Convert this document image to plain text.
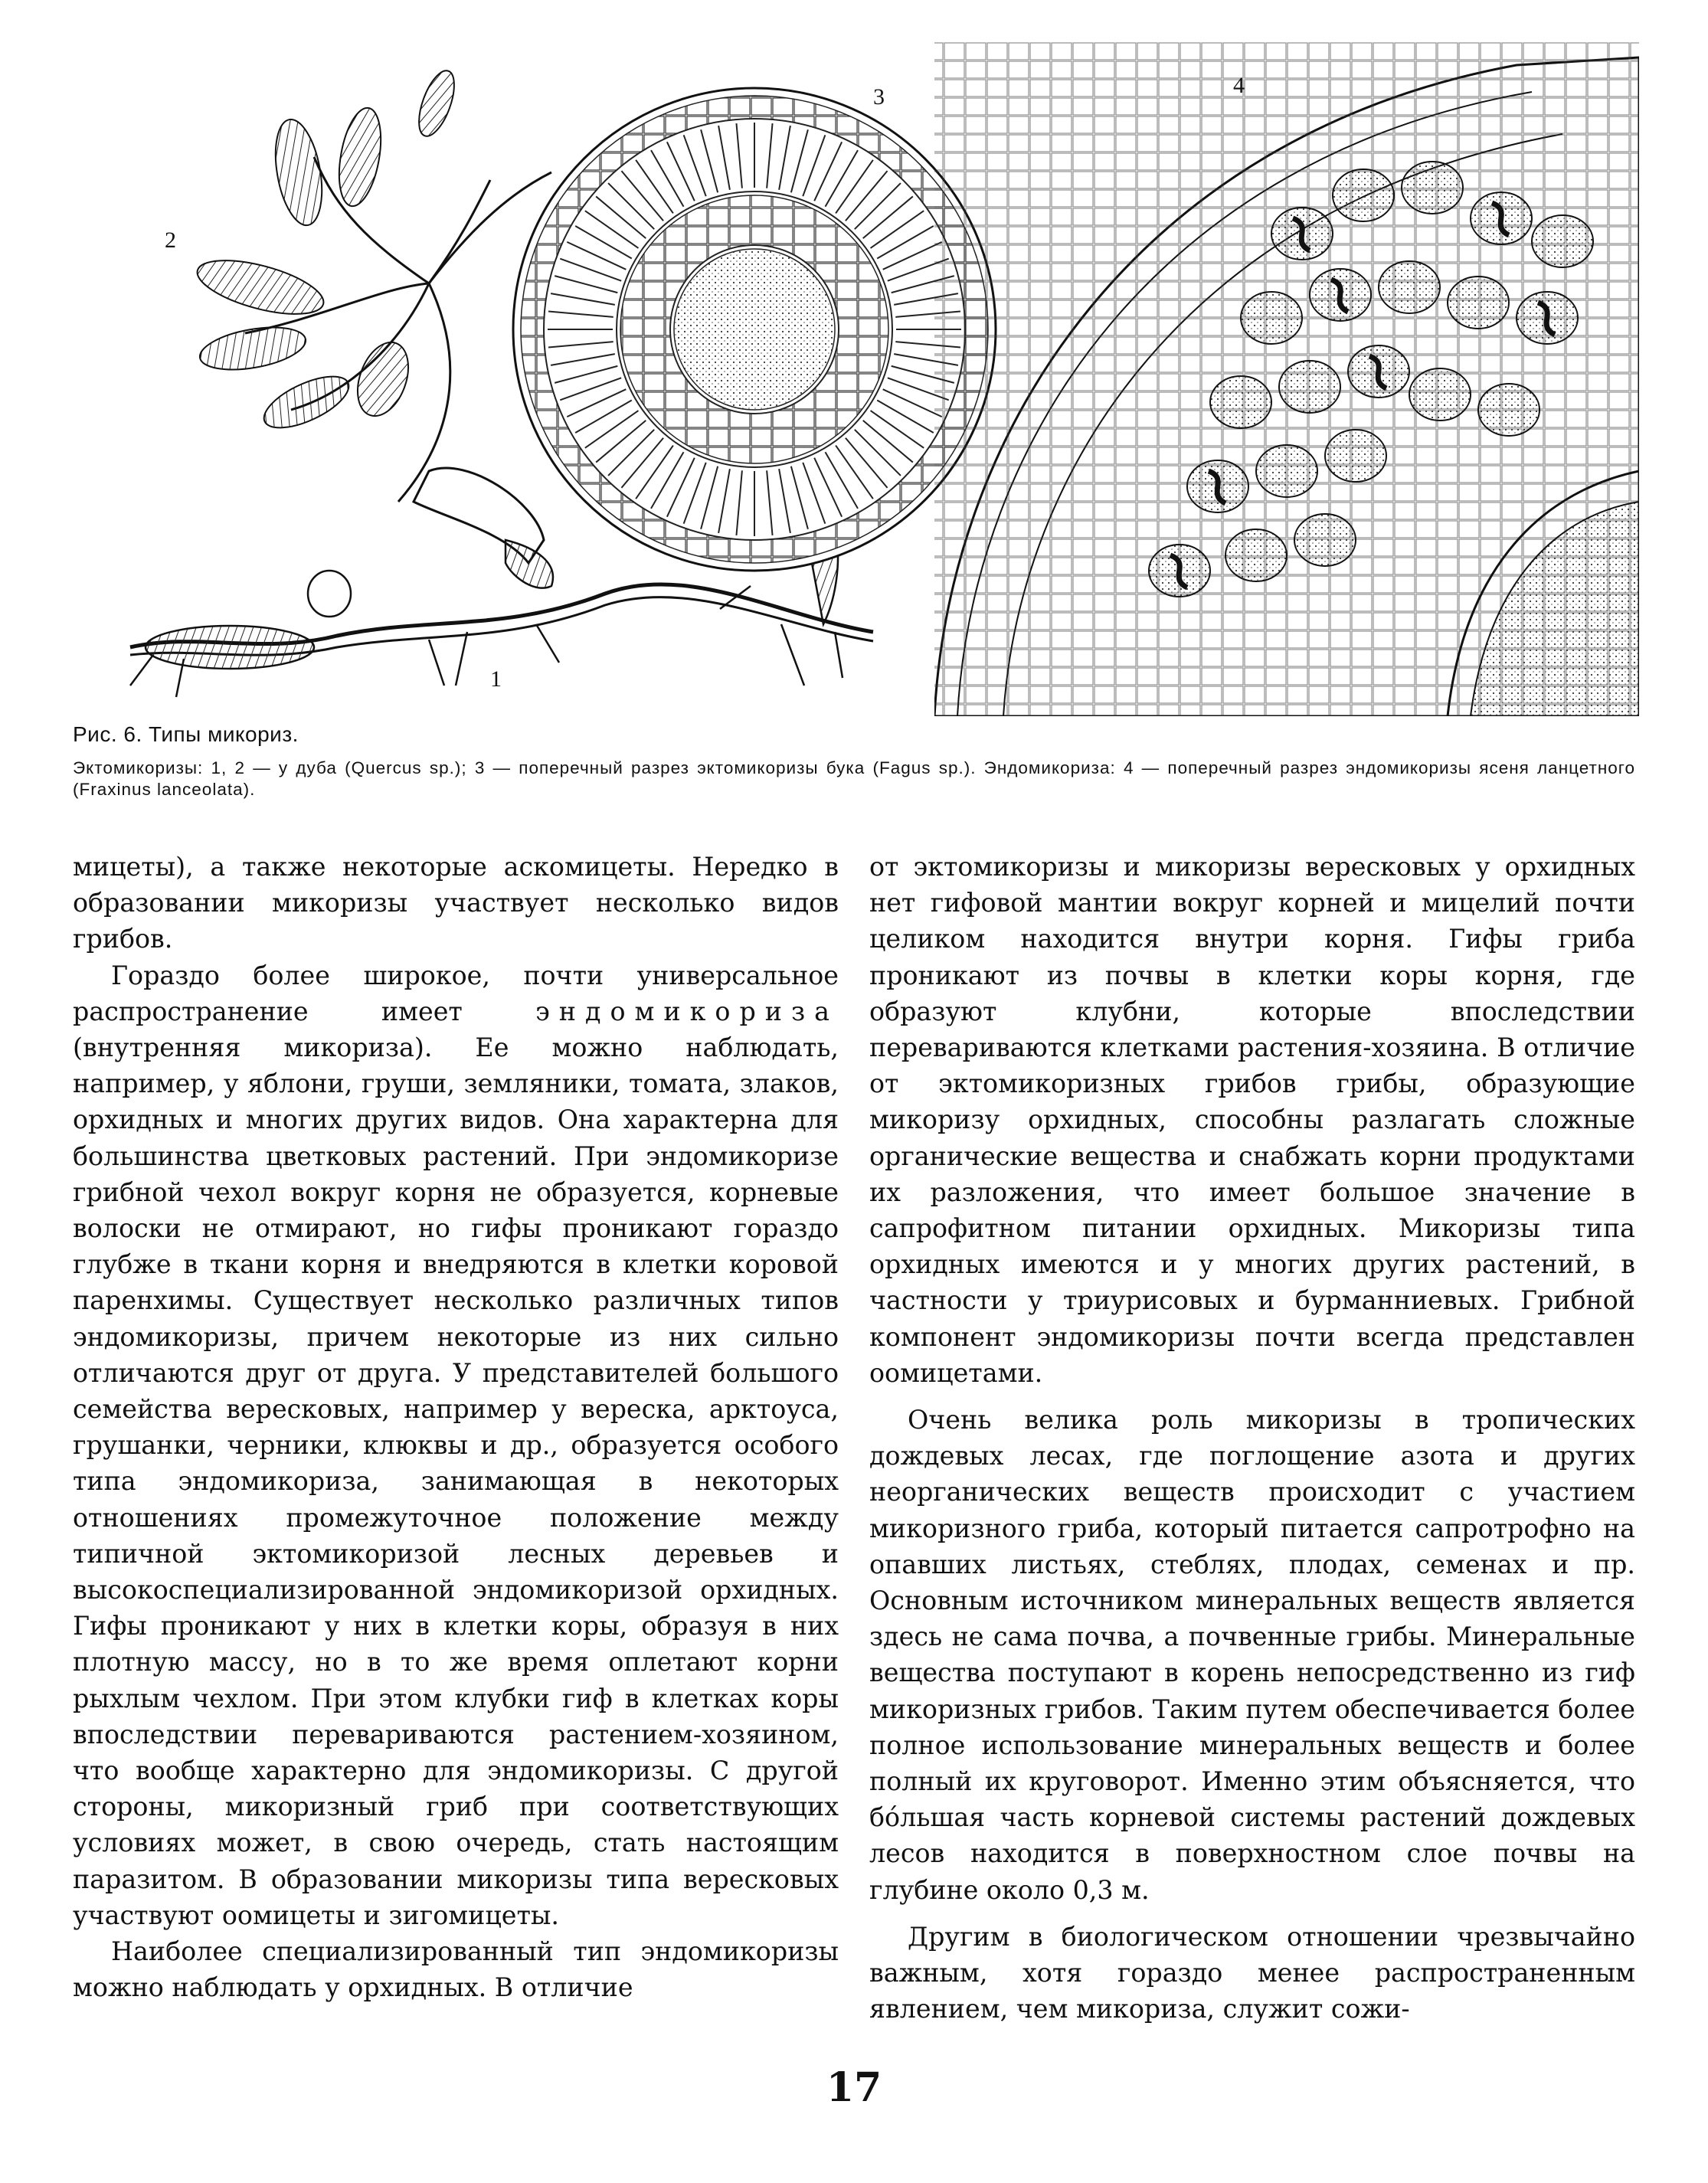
2
1
3	4
Рис. 6. Типы микориз.
Эктомикоризы: 1, 2 — у дуба (Quercus sp.); 3 — поперечный разрез эктомикоризы бука (Fagus sp.). Эндомикориза: 4 — поперечный разрез эндомикоризы ясеня ланцетного (Fraxinus lanceolata).

мицеты), а также некоторые аскомицеты. Нередко в образовании микоризы участвует несколько видов грибов.

Гораздо более широкое, почти универсальное распространение имеет эндомикориза (внутренняя микориза). Ее можно наблюдать, например, у яблони, груши, земляники, томата, злаков, орхидных и многих других видов. Она характерна для большинства цветковых растений. При эндомикоризе грибной чехол вокруг корня не образуется, корневые волоски не отмирают, но гифы проникают гораздо глубже в ткани корня и внедряются в клетки коровой паренхимы. Существует несколько различных типов эндомикоризы, причем некоторые из них сильно отличаются друг от друга. У представителей большого семейства вересковых, например у вереска, арктоуса, грушанки, черники, клюквы и др., образуется особого типа эндомикориза, занимающая в некоторых отношениях промежуточное положение между типичной эктомикоризой лесных деревьев и высокоспециализированной эндомикоризой орхидных. Гифы проникают у них в клетки коры, образуя в них плотную массу, но в то же время оплетают корни рыхлым чехлом. При этом клубки гиф в клетках коры впоследствии перевариваются растением-хозяином, что вообще характерно для эндомикоризы. С другой стороны, микоризный гриб при соответствующих условиях может, в свою очередь, стать настоящим паразитом. В образовании микоризы типа вересковых участвуют оомицеты и зигомицеты.

Наиболее специализированный тип эндомикоризы можно наблюдать у орхидных. В отличие

от эктомикоризы и микоризы вересковых у орхидных нет гифовой мантии вокруг корней и мицелий почти целиком находится внутри корня. Гифы гриба проникают из почвы в клетки коры корня, где образуют клубни, которые впоследствии перевариваются клетками растения-хозяина. В отличие от эктомикоризных грибов грибы, образующие микоризу орхидных, способны разлагать сложные органические вещества и снабжать корни продуктами их разложения, что имеет большое значение в сапрофитном питании орхидных. Микоризы типа орхидных имеются и у многих других растений, в частности у триурисовых и бурманниевых. Грибной компонент эндомикоризы почти всегда представлен оомицетами.

Очень велика роль микоризы в тропических дождевых лесах, где поглощение азота и других неорганических веществ происходит с участием микоризного гриба, который питается сапротрофно на опавших листьях, стеблях, плодах, семенах и пр. Основным источником минеральных веществ является здесь не сама почва, а почвенные грибы. Минеральные вещества поступают в корень непосредственно из гиф микоризных грибов. Таким путем обеспечивается более полное использование минеральных веществ и более полный их круговорот. Именно этим объясняется, что бóльшая часть корневой системы растений дождевых лесов находится в поверхностном слое почвы на глубине около 0,3 м.

Другим в биологическом отношении чрезвычайно важным, хотя гораздо менее распространенным явлением, чем микориза, служит сожи-

17
